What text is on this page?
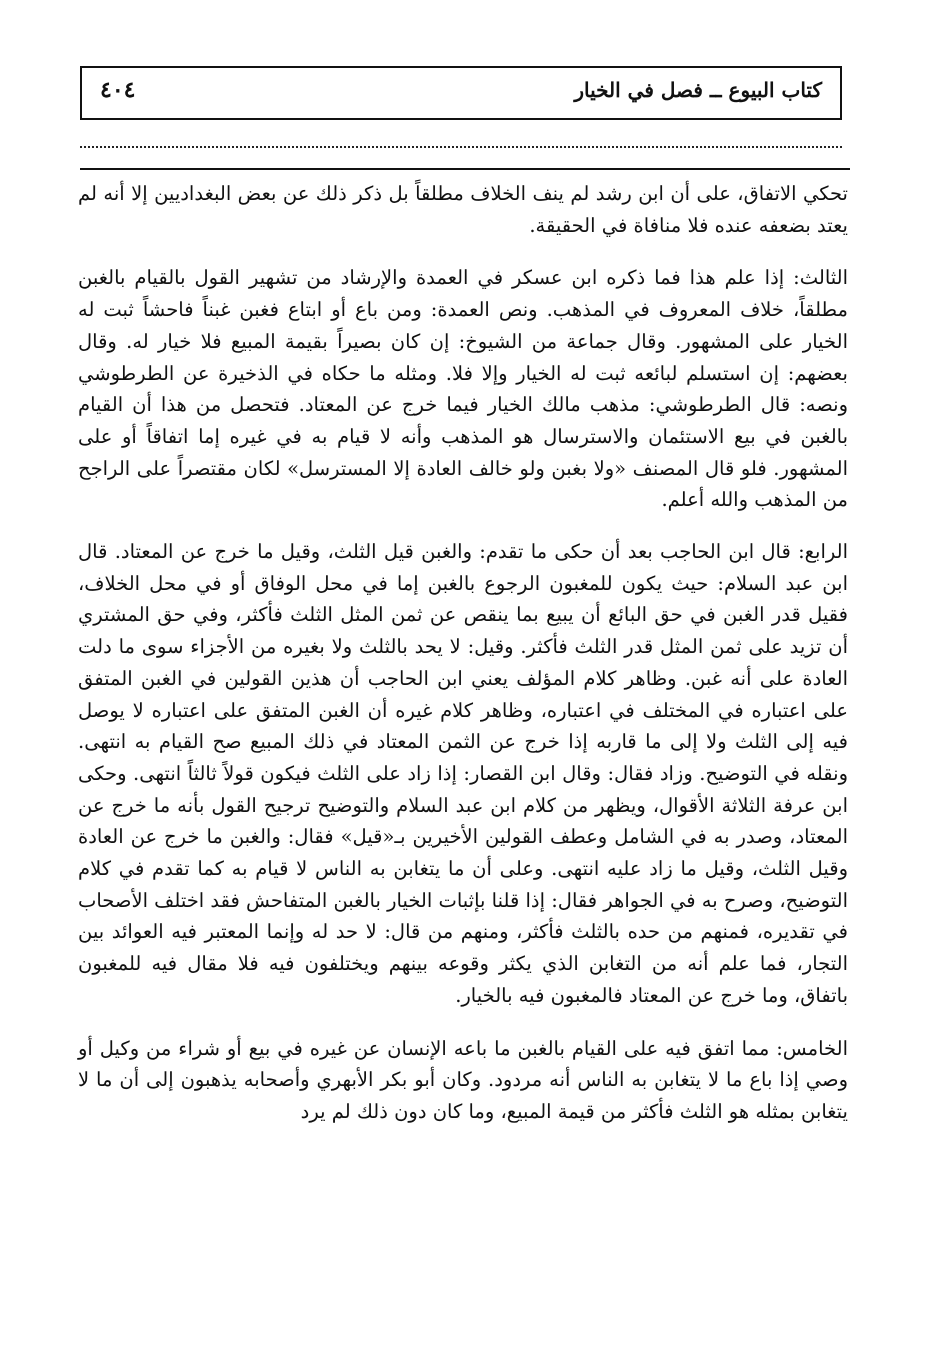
كتاب البيوع ــ فصل في الخيار
٤٠٤

تحكي الاتفاق، على أن ابن رشد لم ينف الخلاف مطلقاً بل ذكر ذلك عن بعض البغداديين إلا أنه لم يعتد بضعفه عنده فلا منافاة في الحقيقة.

الثالث: إذا علم هذا فما ذكره ابن عسكر في العمدة والإرشاد من تشهير القول بالقيام بالغبن مطلقاً، خلاف المعروف في المذهب. ونص العمدة: ومن باع أو ابتاع فغبن غبناً فاحشاً ثبت له الخيار على المشهور. وقال جماعة من الشيوخ: إن كان بصيراً بقيمة المبيع فلا خيار له. وقال بعضهم: إن استسلم لبائعه ثبت له الخيار وإلا فلا. ومثله ما حكاه في الذخيرة عن الطرطوشي ونصه: قال الطرطوشي: مذهب مالك الخيار فيما خرج عن المعتاد. فتحصل من هذا أن القيام بالغبن في بيع الاستئمان والاسترسال هو المذهب وأنه لا قيام به في غيره إما اتفاقاً أو على المشهور. فلو قال المصنف «ولا بغبن ولو خالف العادة إلا المسترسل» لكان مقتصراً على الراجح من المذهب والله أعلم.

الرابع: قال ابن الحاجب بعد أن حكى ما تقدم: والغبن قيل الثلث، وقيل ما خرج عن المعتاد. قال ابن عبد السلام: حيث يكون للمغبون الرجوع بالغبن إما في محل الوفاق أو في محل الخلاف، فقيل قدر الغبن في حق البائع أن يبيع بما ينقص عن ثمن المثل الثلث فأكثر، وفي حق المشتري أن تزيد على ثمن المثل قدر الثلث فأكثر. وقيل: لا يحد بالثلث ولا بغيره من الأجزاء سوى ما دلت العادة على أنه غبن. وظاهر كلام المؤلف يعني ابن الحاجب أن هذين القولين في الغبن المتفق على اعتباره في المختلف في اعتباره، وظاهر كلام غيره أن الغبن المتفق على اعتباره لا يوصل فيه إلى الثلث ولا إلى ما قاربه إذا خرج عن الثمن المعتاد في ذلك المبيع صح القيام به انتهى. ونقله في التوضيح. وزاد فقال: وقال ابن القصار: إذا زاد على الثلث فيكون قولاً ثالثاً انتهى. وحكى ابن عرفة الثلاثة الأقوال، ويظهر من كلام ابن عبد السلام والتوضيح ترجيح القول بأنه ما خرج عن المعتاد، وصدر به في الشامل وعطف القولين الأخيرين بـ«قيل» فقال: والغبن ما خرج عن العادة وقيل الثلث، وقيل ما زاد عليه انتهى. وعلى أن ما يتغابن به الناس لا قيام به كما تقدم في كلام التوضيح، وصرح به في الجواهر فقال: إذا قلنا بإثبات الخيار بالغبن المتفاحش فقد اختلف الأصحاب في تقديره، فمنهم من حده بالثلث فأكثر، ومنهم من قال: لا حد له وإنما المعتبر فيه العوائد بين التجار، فما علم أنه من التغابن الذي يكثر وقوعه بينهم ويختلفون فيه فلا مقال فيه للمغبون باتفاق، وما خرج عن المعتاد فالمغبون فيه بالخيار.

الخامس: مما اتفق فيه على القيام بالغبن ما باعه الإنسان عن غيره في بيع أو شراء من وكيل أو وصي إذا باع ما لا يتغابن به الناس أنه مردود. وكان أبو بكر الأبهري وأصحابه يذهبون إلى أن ما لا يتغابن بمثله هو الثلث فأكثر من قيمة المبيع، وما كان دون ذلك لم يرد
